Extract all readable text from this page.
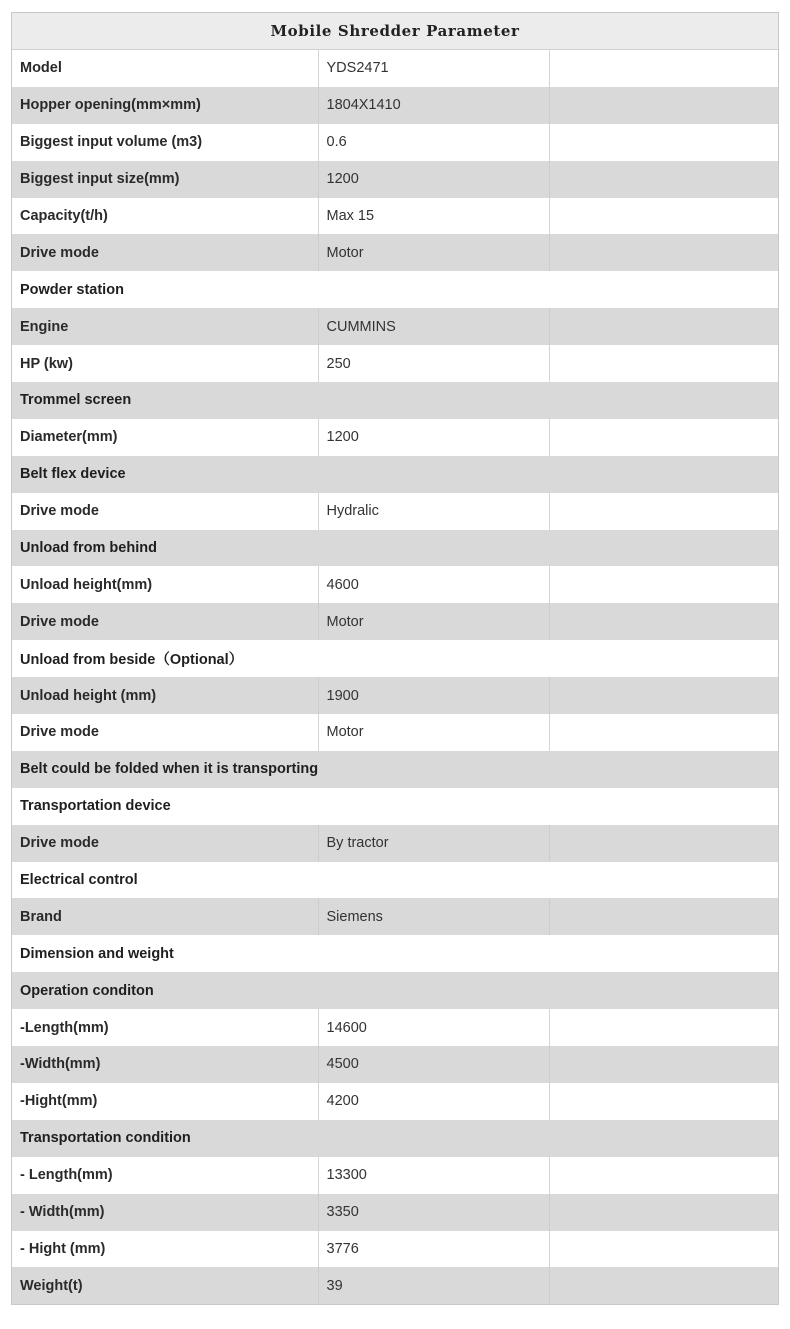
Mobile Shredder Parameter
Model	YDS2471	
Hopper opening(mm×mm)	1804X1410	
Biggest input volume (m3)	0.6	
Biggest input size(mm)	1200	
Capacity(t/h)	Max 15	
Drive mode	Motor	
Powder station		
Engine	CUMMINS	
HP (kw)	250	
Trommel screen		
Diameter(mm)	1200	
Belt flex device		
Drive mode	Hydralic	
Unload from behind		
Unload height(mm)	4600	
Drive mode	Motor	
Unload from beside（Optional）		
Unload height (mm)	1900	
Drive mode	Motor	
Belt could be folded when it is transporting		
Transportation device		
Drive mode	By tractor	
Electrical control		
Brand	Siemens	
Dimension and weight		
Operation conditon		
-Length(mm)	14600	
-Width(mm)	4500	
-Hight(mm)	4200	
Transportation condition		
- Length(mm)	13300	
- Width(mm)	3350	
- Hight (mm)	3776	
Weight(t)	39	
